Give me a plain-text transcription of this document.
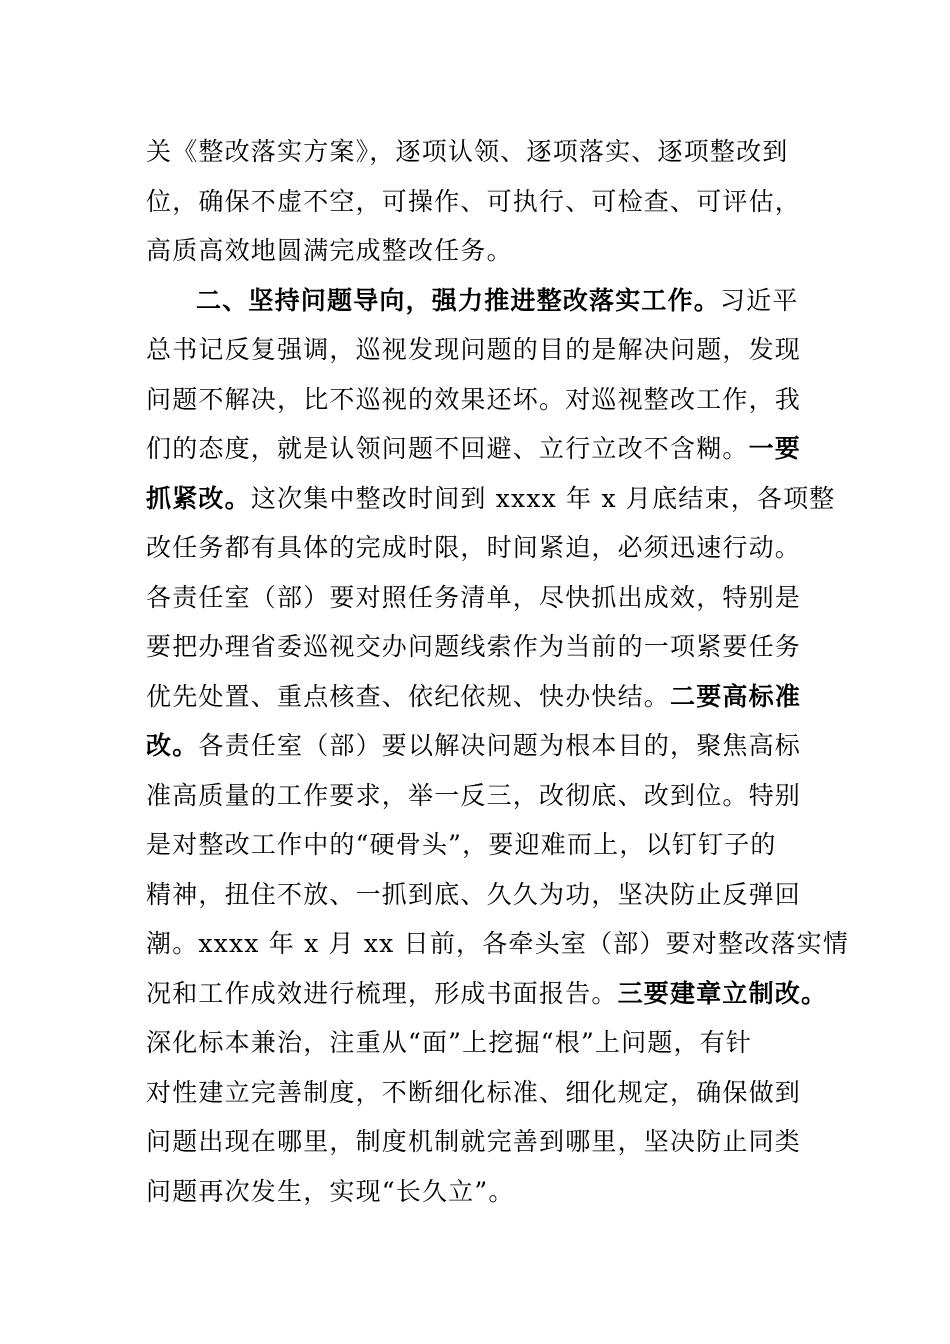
关《整改落实方案》，逐项认领、逐项落实、逐项整改到
位，确保不虚不空，可操作、可执行、可检查、可评估，
高质高效地圆满完成整改任务。
二、坚持问题导向，强力推进整改落实工作。习近平
总书记反复强调，巡视发现问题的目的是解决问题，发现
问题不解决，比不巡视的效果还坏。对巡视整改工作，我
们的态度，就是认领问题不回避、立行立改不含糊。一要
抓紧改。这次集中整改时间到 xxxx 年 x 月底结束，各项整
改任务都有具体的完成时限，时间紧迫，必须迅速行动。
各责任室（部）要对照任务清单，尽快抓出成效，特别是
要把办理省委巡视交办问题线索作为当前的一项紧要任务
优先处置、重点核查、依纪依规、快办快结。二要高标准
改。各责任室（部）要以解决问题为根本目的，聚焦高标
准高质量的工作要求，举一反三，改彻底、改到位。特别
是对整改工作中的“硬骨头”，要迎难而上，以钉钉子的
精神，扭住不放、一抓到底、久久为功，坚决防止反弹回
潮。xxxx 年 x 月 xx 日前，各牵头室（部）要对整改落实情
况和工作成效进行梳理，形成书面报告。三要建章立制改。
深化标本兼治，注重从“面”上挖掘“根”上问题，有针
对性建立完善制度，不断细化标准、细化规定，确保做到
问题出现在哪里，制度机制就完善到哪里，坚决防止同类
问题再次发生，实现“长久立”。
